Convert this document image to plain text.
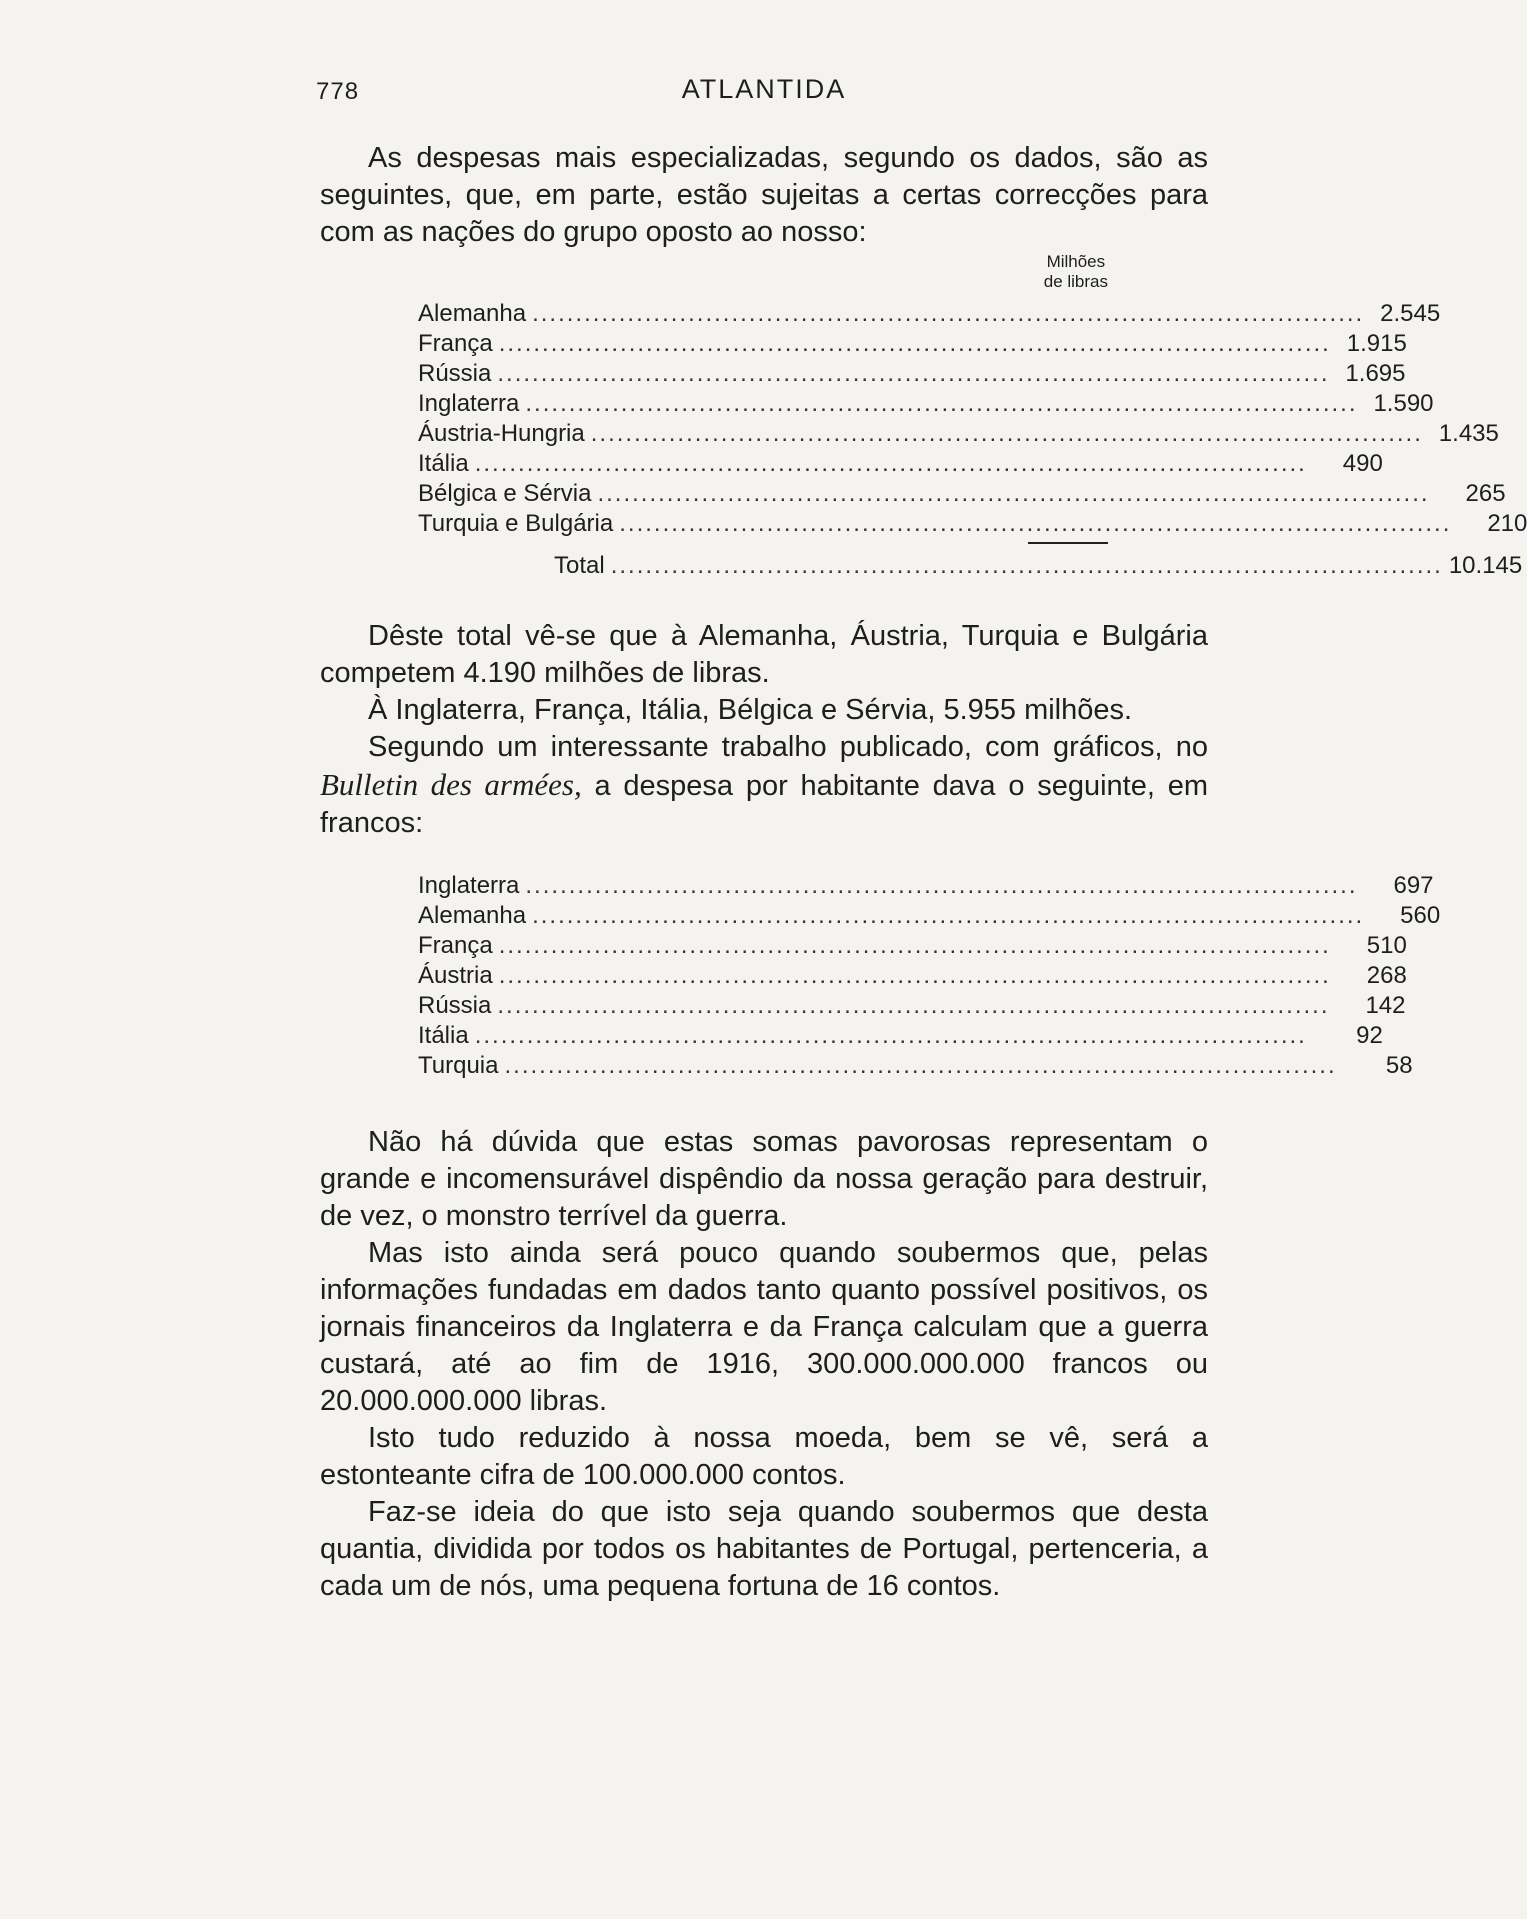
778	ATLANTIDA

As despesas mais especializadas, segundo os dados, são as seguintes, que, em parte, estão sujeitas a certas correcções para com as nações do grupo oposto ao nosso:

Milhões
de libras
Alemanha ................................................................................................ 2.545
França ................................................................................................ 1.915
Rússia ................................................................................................ 1.695
Inglaterra ................................................................................................ 1.590
Áustria-Hungria ................................................................................................ 1.435
Itália ................................................................................................	490
Bélgica e Sérvia ................................................................................................	265
Turquia e Bulgária ................................................................................................	210
Total ................................................................................................ 10.145

Dêste total vê-se que à Alemanha, Áustria, Turquia e Bulgária competem 4.190 milhões de libras.

À Inglaterra, França, Itália, Bélgica e Sérvia, 5.955 milhões.

Segundo um interessante trabalho publicado, com gráficos, no Bulletin des armées, a despesa por habitante dava o seguinte, em francos:

Inglaterra ................................................................................................	697
Alemanha ................................................................................................	560
França ................................................................................................	510
Áustria ................................................................................................	268
Rússia ................................................................................................	142
Itália ................................................................................................	92
Turquia ................................................................................................	58

Não há dúvida que estas somas pavorosas representam o grande e incomensurável dispêndio da nossa geração para destruir, de vez, o monstro terrível da guerra.

Mas isto ainda será pouco quando soubermos que, pelas informações fundadas em dados tanto quanto possível positivos, os jornais financeiros da Inglaterra e da França calculam que a guerra custará, até ao fim de 1916, 300.000.000.000 francos ou 20.000.000.000 libras.

Isto tudo reduzido à nossa moeda, bem se vê, será a estonteante cifra de 100.000.000 contos.

Faz-se ideia do que isto seja quando soubermos que desta quantia, dividida por todos os habitantes de Portugal, pertenceria, a cada um de nós, uma pequena fortuna de 16 contos.
